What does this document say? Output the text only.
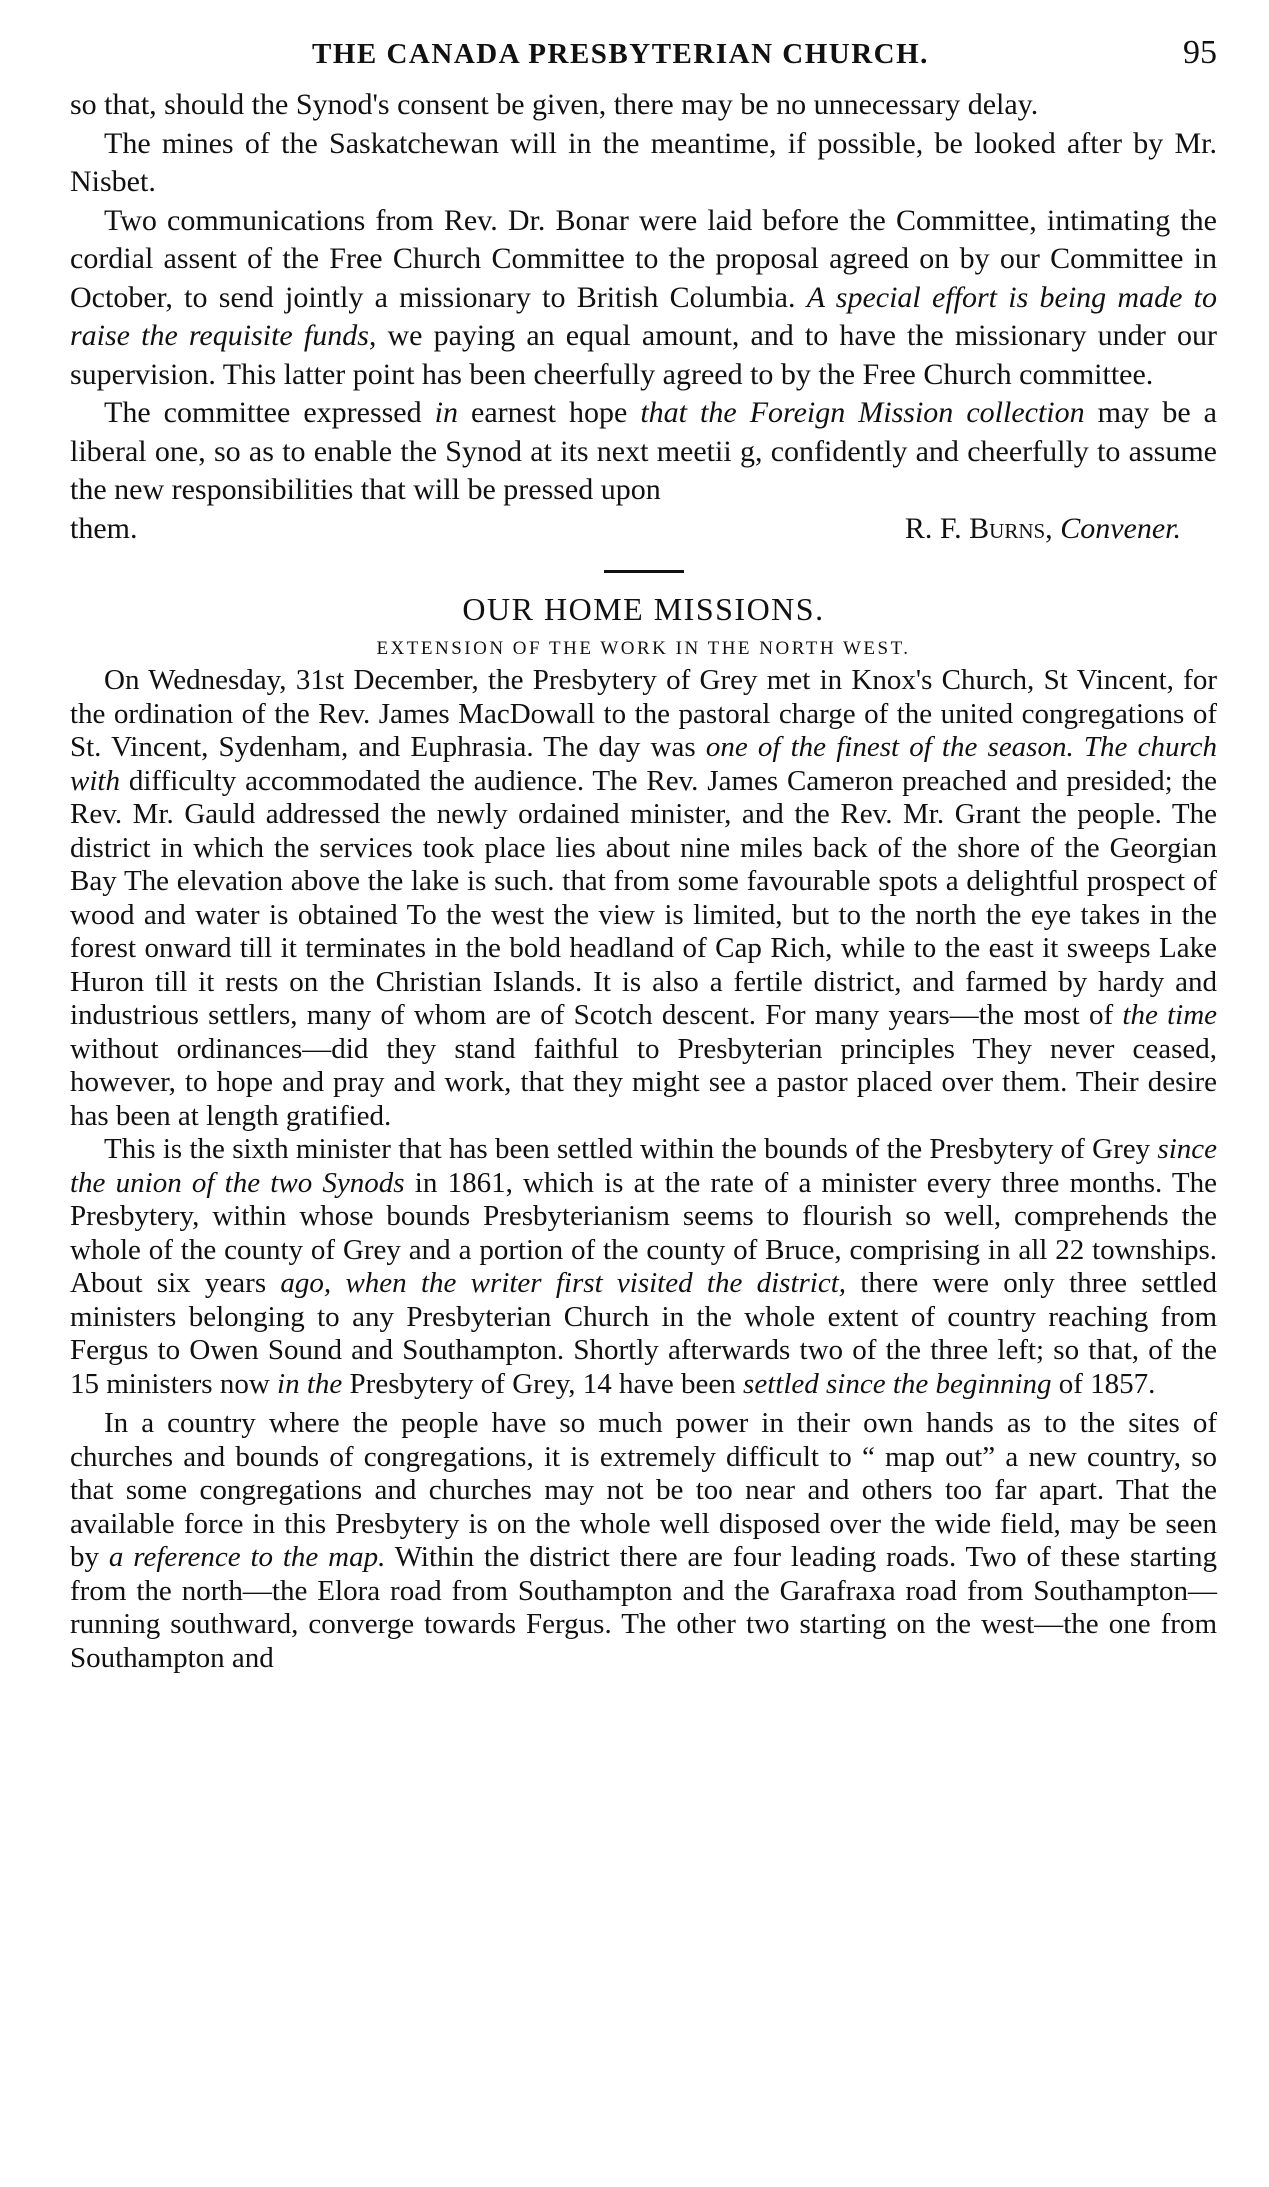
THE CANADA PRESBYTERIAN CHURCH.	95

so that, should the Synod's consent be given, there may be no unnecessary delay.

The mines of the Saskatchewan will in the meantime, if possible, be looked after by Mr. Nisbet.

Two communications from Rev. Dr. Bonar were laid before the Committee, intimating the cordial assent of the Free Church Committee to the proposal agreed on by our Committee in October, to send jointly a missionary to British Columbia. A special effort is being made to raise the requisite funds, we paying an equal amount, and to have the missionary under our supervision. This latter point has been cheerfully agreed to by the Free Church committee.

The committee expressed in earnest hope that the Foreign Mission collection may be a liberal one, so as to enable the Synod at its next meetii g, confidently and cheerfully to assume the new responsibilities that will be pressed upon

them.	R. F. Burns, Convener.
OUR HOME MISSIONS.
EXTENSION OF THE WORK IN THE NORTH WEST.

On Wednesday, 31st December, the Presbytery of Grey met in Knox's Church, St Vincent, for the ordination of the Rev. James MacDowall to the pastoral charge of the united congregations of St. Vincent, Sydenham, and Euphrasia. The day was one of the finest of the season. The church with difficulty accommodated the audience. The Rev. James Cameron preached and presided; the Rev. Mr. Gauld addressed the newly ordained minister, and the Rev. Mr. Grant the people. The district in which the services took place lies about nine miles back of the shore of the Georgian Bay The elevation above the lake is such. that from some favourable spots a delightful prospect of wood and water is obtained To the west the view is limited, but to the north the eye takes in the forest onward till it terminates in the bold headland of Cap Rich, while to the east it sweeps Lake Huron till it rests on the Christian Islands. It is also a fertile district, and farmed by hardy and industrious settlers, many of whom are of Scotch descent. For many years—the most of the time without ordinances—did they stand faithful to Presbyterian principles They never ceased, however, to hope and pray and work, that they might see a pastor placed over them. Their desire has been at length gratified.

This is the sixth minister that has been settled within the bounds of the Presbytery of Grey since the union of the two Synods in 1861, which is at the rate of a minister every three months. The Presbytery, within whose bounds Presbyterianism seems to flourish so well, comprehends the whole of the county of Grey and a portion of the county of Bruce, comprising in all 22 townships. About six years ago, when the writer first visited the district, there were only three settled ministers belonging to any Presbyterian Church in the whole extent of country reaching from Fergus to Owen Sound and Southampton. Shortly afterwards two of the three left; so that, of the 15 ministers now in the Presbytery of Grey, 14 have been settled since the beginning of 1857.

In a country where the people have so much power in their own hands as to the sites of churches and bounds of congregations, it is extremely difficult to “ map out” a new country, so that some congregations and churches may not be too near and others too far apart. That the available force in this Presbytery is on the whole well disposed over the wide field, may be seen by a reference to the map. Within the district there are four leading roads. Two of these starting from the north—the Elora road from Southampton and the Garafraxa road from Southampton—running southward, converge towards Fergus. The other two starting on the west—the one from Southampton and
